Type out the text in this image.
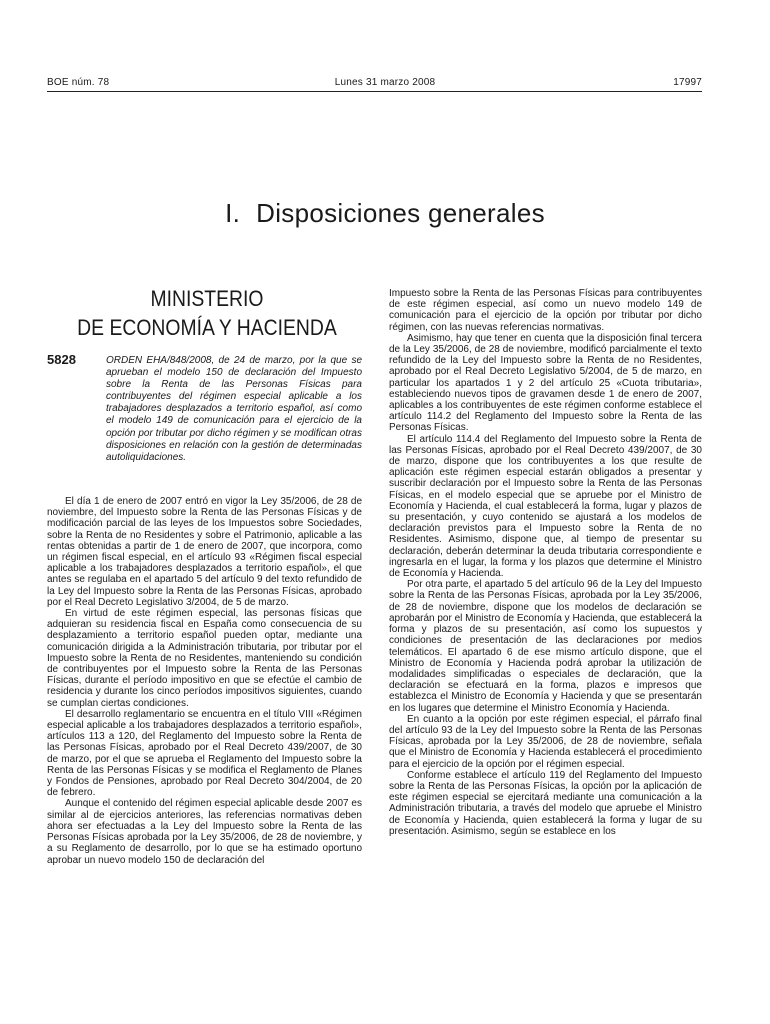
BOE núm. 78	Lunes 31 marzo 2008	17997
I. Disposiciones generales
MINISTERIO
DE ECONOMÍA Y HACIENDA
5828	ORDEN EHA/848/2008, de 24 de marzo, por la que se aprueban el modelo 150 de declaración del Impuesto sobre la Renta de las Personas Físicas para contribuyentes del régimen especial aplicable a los trabajadores desplazados a territorio español, así como el modelo 149 de comunicación para el ejercicio de la opción por tributar por dicho régimen y se modifican otras disposiciones en relación con la gestión de determinadas autoliquidaciones.

El día 1 de enero de 2007 entró en vigor la Ley 35/2006, de 28 de noviembre, del Impuesto sobre la Renta de las Personas Físicas y de modificación parcial de las leyes de los Impuestos sobre Sociedades, sobre la Renta de no Residentes y sobre el Patrimonio, aplicable a las rentas obtenidas a partir de 1 de enero de 2007, que incorpora, como un régimen fiscal especial, en el artículo 93 «Régimen fiscal especial aplicable a los trabajadores desplazados a territorio español», el que antes se regulaba en el apartado 5 del artículo 9 del texto refundido de la Ley del Impuesto sobre la Renta de las Personas Físicas, aprobado por el Real Decreto Legislativo 3/2004, de 5 de marzo.

En virtud de este régimen especial, las personas físicas que adquieran su residencia fiscal en España como consecuencia de su desplazamiento a territorio español pueden optar, mediante una comunicación dirigida a la Administración tributaria, por tributar por el Impuesto sobre la Renta de no Residentes, manteniendo su condición de contribuyentes por el Impuesto sobre la Renta de las Personas Físicas, durante el período impositivo en que se efectúe el cambio de residencia y durante los cinco períodos impositivos siguientes, cuando se cumplan ciertas condiciones.

El desarrollo reglamentario se encuentra en el título VIII «Régimen especial aplicable a los trabajadores desplazados a territorio español», artículos 113 a 120, del Reglamento del Impuesto sobre la Renta de las Personas Físicas, aprobado por el Real Decreto 439/2007, de 30 de marzo, por el que se aprueba el Reglamento del Impuesto sobre la Renta de las Personas Físicas y se modifica el Reglamento de Planes y Fondos de Pensiones, aprobado por Real Decreto 304/2004, de 20 de febrero.

Aunque el contenido del régimen especial aplicable desde 2007 es similar al de ejercicios anteriores, las referencias normativas deben ahora ser efectuadas a la Ley del Impuesto sobre la Renta de las Personas Físicas aprobada por la Ley 35/2006, de 28 de noviembre, y a su Reglamento de desarrollo, por lo que se ha estimado oportuno aprobar un nuevo modelo 150 de declaración del

Impuesto sobre la Renta de las Personas Físicas para contribuyentes de este régimen especial, así como un nuevo modelo 149 de comunicación para el ejercicio de la opción por tributar por dicho régimen, con las nuevas referencias normativas.

Asimismo, hay que tener en cuenta que la disposición final tercera de la Ley 35/2006, de 28 de noviembre, modificó parcialmente el texto refundido de la Ley del Impuesto sobre la Renta de no Residentes, aprobado por el Real Decreto Legislativo 5/2004, de 5 de marzo, en particular los apartados 1 y 2 del artículo 25 «Cuota tributaria», estableciendo nuevos tipos de gravamen desde 1 de enero de 2007, aplicables a los contribuyentes de este régimen conforme establece el artículo 114.2 del Reglamento del Impuesto sobre la Renta de las Personas Físicas.

El artículo 114.4 del Reglamento del Impuesto sobre la Renta de las Personas Físicas, aprobado por el Real Decreto 439/2007, de 30 de marzo, dispone que los contribuyentes a los que resulte de aplicación este régimen especial estarán obligados a presentar y suscribir declaración por el Impuesto sobre la Renta de las Personas Físicas, en el modelo especial que se apruebe por el Ministro de Economía y Hacienda, el cual establecerá la forma, lugar y plazos de su presentación, y cuyo contenido se ajustará a los modelos de declaración previstos para el Impuesto sobre la Renta de no Residentes. Asimismo, dispone que, al tiempo de presentar su declaración, deberán determinar la deuda tributaria correspondiente e ingresarla en el lugar, la forma y los plazos que determine el Ministro de Economía y Hacienda.

Por otra parte, el apartado 5 del artículo 96 de la Ley del Impuesto sobre la Renta de las Personas Físicas, aprobada por la Ley 35/2006, de 28 de noviembre, dispone que los modelos de declaración se aprobarán por el Ministro de Economía y Hacienda, que establecerá la forma y plazos de su presentación, así como los supuestos y condiciones de presentación de las declaraciones por medios telemáticos. El apartado 6 de ese mismo artículo dispone, que el Ministro de Economía y Hacienda podrá aprobar la utilización de modalidades simplificadas o especiales de declaración, que la declaración se efectuará en la forma, plazos e impresos que establezca el Ministro de Economía y Hacienda y que se presentarán en los lugares que determine el Ministro Economía y Hacienda.

En cuanto a la opción por este régimen especial, el párrafo final del artículo 93 de la Ley del Impuesto sobre la Renta de las Personas Físicas, aprobada por la Ley 35/2006, de 28 de noviembre, señala que el Ministro de Economía y Hacienda establecerá el procedimiento para el ejercicio de la opción por el régimen especial.

Conforme establece el artículo 119 del Reglamento del Impuesto sobre la Renta de las Personas Físicas, la opción por la aplicación de este régimen especial se ejercitará mediante una comunicación a la Administración tributaria, a través del modelo que apruebe el Ministro de Economía y Hacienda, quien establecerá la forma y lugar de su presentación. Asimismo, según se establece en los
